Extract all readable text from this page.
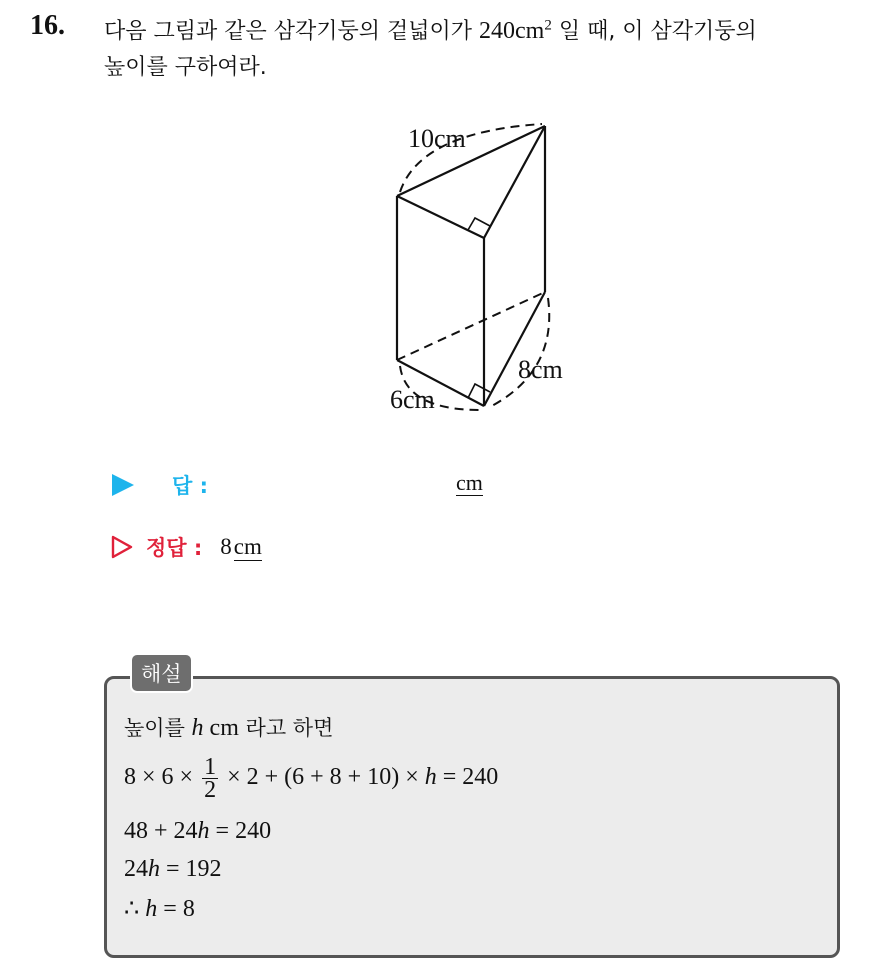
16. 다음 그림과 같은 삼각기둥의 겉넓이가 $240cm^2$ 일 때, 이 삼각기둥의
높이를 구하여라.
10cm
8cm
6cm
답 :	cm
정답 : 8cm
해설
높이를 h cm 라고 하면
$8 \times 6 \times \frac{1}{2} \times 2 + (6 + 8 + 10) \times h = 240$
48 + 24h = 240
24h = 192
∴ h = 8
